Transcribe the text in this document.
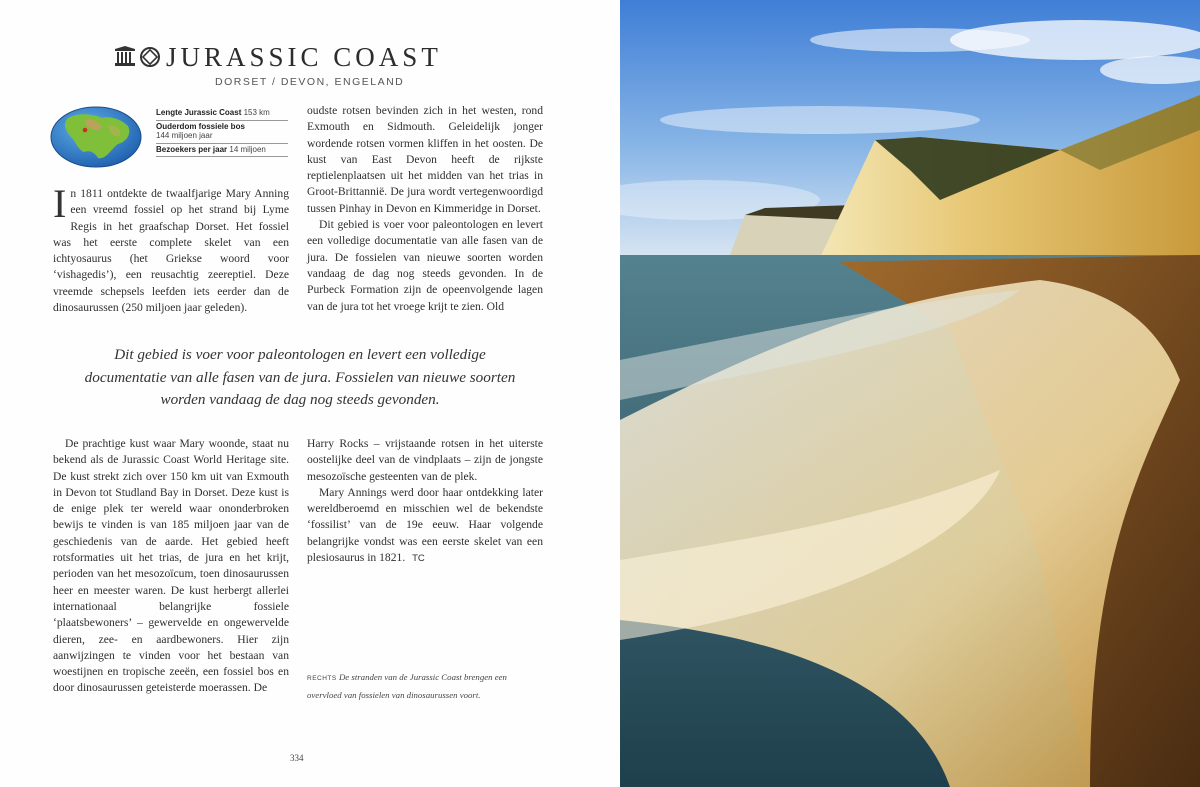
JURASSIC COAST
DORSET / DEVON, ENGELAND
Lengte Jurassic Coast 153 km
Ouderdom fossiele bos
144 miljoen jaar
Bezoekers per jaar 14 miljoen

I n 1811 ontdekte de twaalfjarige Mary Anning een vreemd fossiel op het strand bij Lyme Regis in het graafschap Dorset. Het fossiel was het eerste complete skelet van een ichtyosaurus (het Griekse woord voor ‘vishagedis’), een reusachtig zeereptiel. Deze vreemde schepsels leefden iets eerder dan de dinosaurussen (250 miljoen jaar geleden).

oudste rotsen bevinden zich in het westen, rond Exmouth en Sidmouth. Geleidelijk jonger wordende rotsen vormen kliffen in het oosten. De kust van East Devon heeft de rijkste reptielenplaatsen uit het midden van het trias in Groot-Brittannië. De jura wordt vertegenwoordigd tussen Pinhay in Devon en Kimmeridge in Dorset.

Dit gebied is voer voor paleontologen en levert een volledige documentatie van alle fasen van de jura. De fossielen van nieuwe soorten worden vandaag de dag nog steeds gevonden. In de Purbeck Formation zijn de opeenvolgende lagen van de jura tot het vroege krijt te zien. Old

Dit gebied is voer voor paleontologen en levert een volledige documentatie van alle fasen van de jura. Fossielen van nieuwe soorten worden vandaag de dag nog steeds gevonden.

De prachtige kust waar Mary woonde, staat nu bekend als de Jurassic Coast World Heritage site. De kust strekt zich over 150 km uit van Exmouth in Devon tot Studland Bay in Dorset. Deze kust is de enige plek ter wereld waar ononderbroken bewijs te vinden is van 185 miljoen jaar van de geschiedenis van de aarde. Het gebied heeft rotsformaties uit het trias, de jura en het krijt, perioden van het mesozoïcum, toen dinosaurussen heer en meester waren. De kust herbergt allerlei internationaal belangrijke fossiele ‘plaatsbewoners’ – gewervelde en ongewervelde dieren, zee- en aardbewoners. Hier zijn aanwijzingen te vinden voor het bestaan van woestijnen en tropische zeeën, een fossiel bos en door dinosaurussen geteisterde moerassen. De

Harry Rocks – vrijstaande rotsen in het uiterste oostelijke deel van de vindplaats – zijn de jongste mesozoïsche gesteenten van de plek.

Mary Annings werd door haar ontdekking later wereldberoemd en misschien wel de bekendste ‘fossilist’ van de 19e eeuw. Haar volgende belangrijke vondst was een eerste skelet van een plesiosaurus in 1821. TC

RECHTS De stranden van de Jurassic Coast brengen een overvloed van fossielen van dinosaurussen voort.
334
